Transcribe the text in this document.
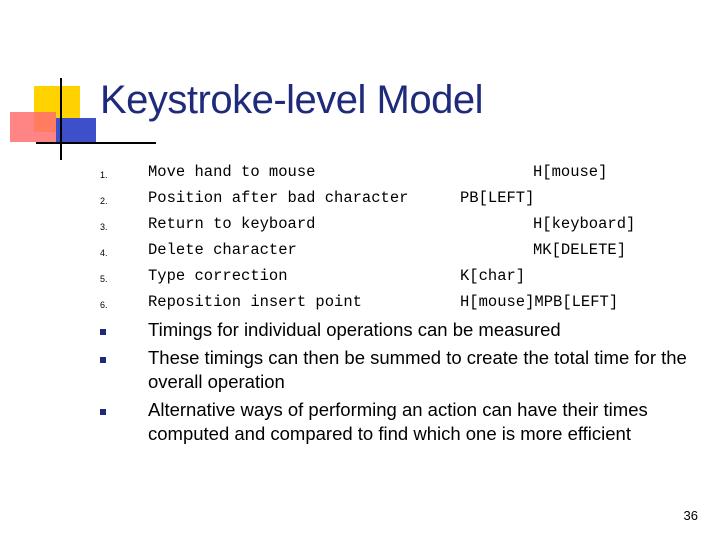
Keystroke-level Model
1.	Move hand to mouse	H[mouse]
2.	Position after bad character	PB[LEFT]
3.	Return to keyboard	H[keyboard]
4.	Delete character	MK[DELETE]
5.	Type correction	K[char]
6.	Reposition insert point	H[mouse]MPB[LEFT]
Timings for individual operations can be measured
These timings can then be summed to create the total time for the overall operation
Alternative ways of performing an action can have their times computed and compared to find which one is more efficient
36
